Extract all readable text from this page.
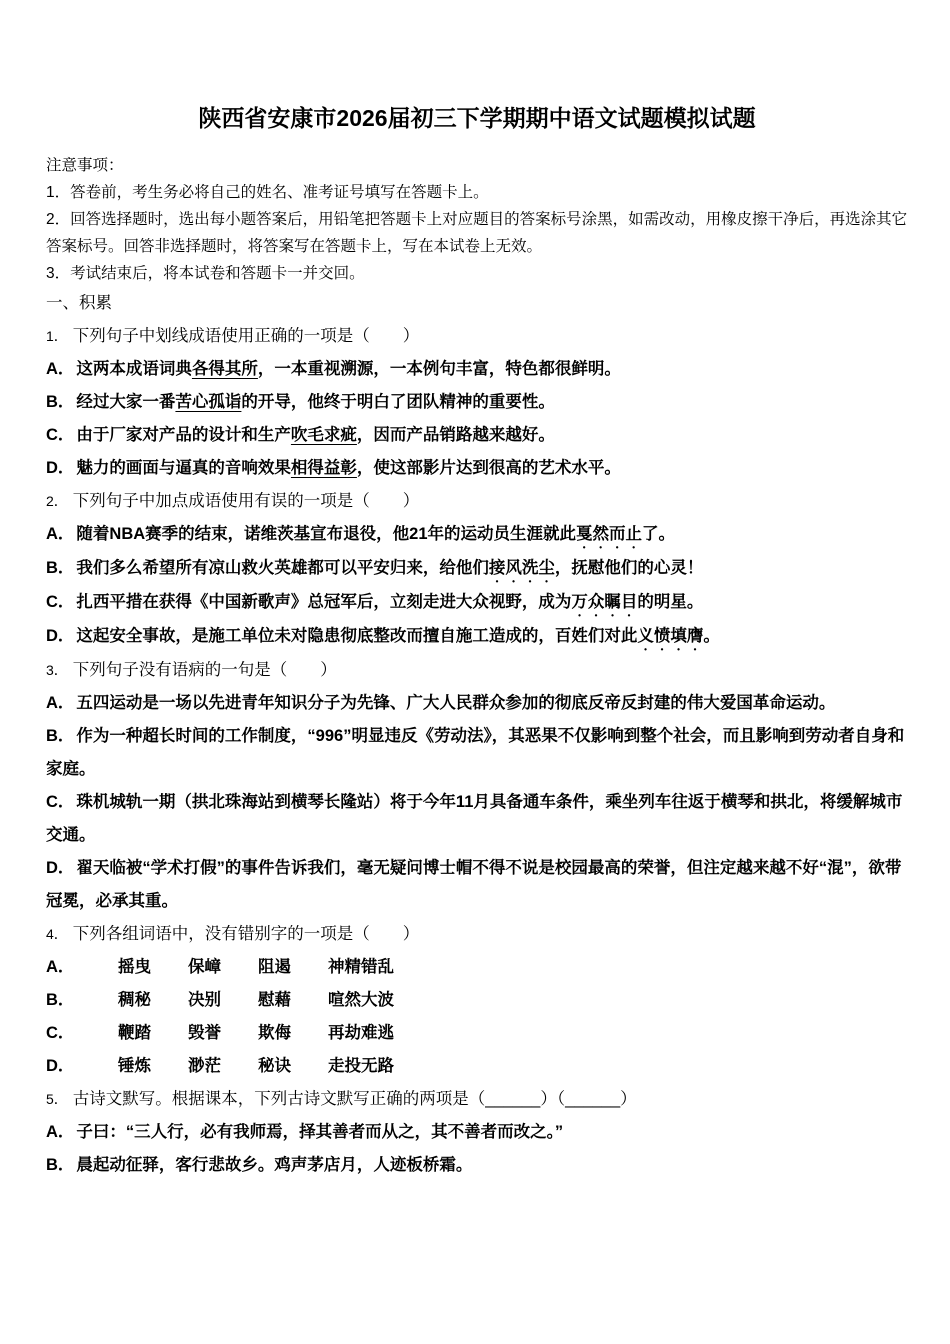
陕西省安康市2026届初三下学期期中语文试题模拟试题

注意事项：

1．答卷前，考生务必将自己的姓名、准考证号填写在答题卡上。

2．回答选择题时，选出每小题答案后，用铅笔把答题卡上对应题目的答案标号涂黑，如需改动，用橡皮擦干净后，再选涂其它答案标号。回答非选择题时，将答案写在答题卡上，写在本试卷上无效。

3．考试结束后，将本试卷和答题卡一并交回。

一、积累

1． 下列句子中划线成语使用正确的一项是（　　）

A． 这两本成语词典各得其所，一本重视溯源，一本例句丰富，特色都很鲜明。

B． 经过大家一番苦心孤诣的开导，他终于明白了团队精神的重要性。

C． 由于厂家对产品的设计和生产吹毛求疵，因而产品销路越来越好。

D． 魅力的画面与逼真的音响效果相得益彰，使这部影片达到很高的艺术水平。

2． 下列句子中加点成语使用有误的一项是（　　）

A． 随着NBA赛季的结束，诺维茨基宣布退役，他21年的运动员生涯就此戛然而止了。

B． 我们多么希望所有凉山救火英雄都可以平安归来，给他们接风洗尘，抚慰他们的心灵！

C． 扎西平措在获得《中国新歌声》总冠军后，立刻走进大众视野，成为万众瞩目的明星。

D． 这起安全事故，是施工单位未对隐患彻底整改而擅自施工造成的，百姓们对此义愤填膺。

3． 下列句子没有语病的一句是（　　）

A． 五四运动是一场以先进青年知识分子为先锋、广大人民群众参加的彻底反帝反封建的伟大爱国革命运动。

B． 作为一种超长时间的工作制度，“996”明显违反《劳动法》，其恶果不仅影响到整个社会，而且影响到劳动者自身和家庭。

C． 珠机城轨一期（拱北珠海站到横琴长隆站）将于今年11月具备通车条件，乘坐列车往返于横琴和拱北，将缓解城市交通。

D． 翟天临被“学术打假”的事件告诉我们，毫无疑问博士帽不得不说是校园最高的荣誉，但注定越来越不好“混”，欲带冠冕，必承其重。

4． 下列各组词语中，没有错别字的一项是（　　）

A．	摇曳 保嶂 阻遏 神精错乱

B．	稠秘 决别 慰藉 喧然大波

C．	鞭踏 毁誉 欺侮 再劫难逃

D．	锤炼 渺茫 秘诀 走投无路

5． 古诗文默写。根据课本，下列古诗文默写正确的两项是（______）（______）

A． 子曰：“三人行，必有我师焉，择其善者而从之，其不善者而改之。”

B． 晨起动征驿，客行悲故乡。鸡声茅店月，人迹板桥霜。
